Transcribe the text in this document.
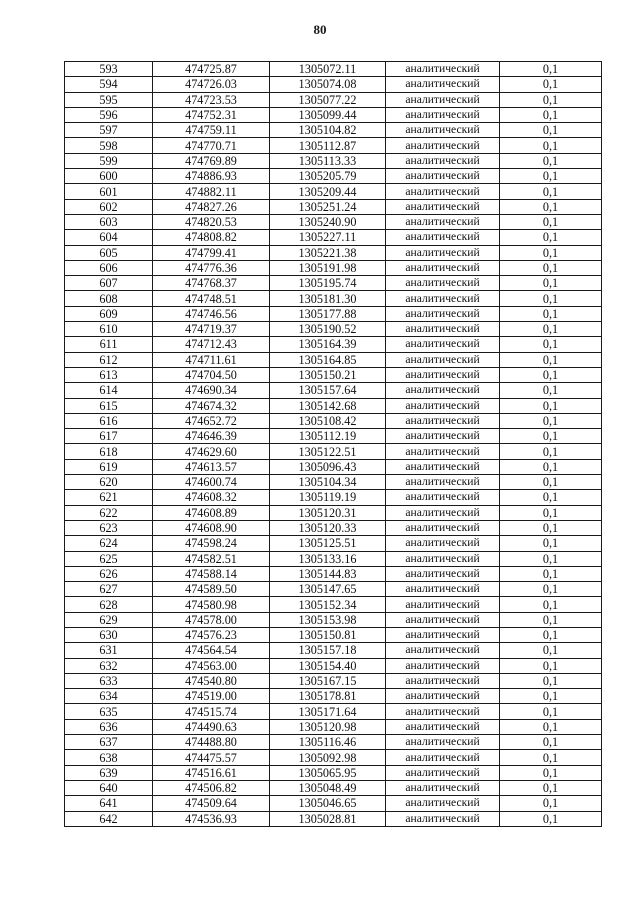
80
593	474725.87	1305072.11	аналитический	0,1
594	474726.03	1305074.08	аналитический	0,1
595	474723.53	1305077.22	аналитический	0,1
596	474752.31	1305099.44	аналитический	0,1
597	474759.11	1305104.82	аналитический	0,1
598	474770.71	1305112.87	аналитический	0,1
599	474769.89	1305113.33	аналитический	0,1
600	474886.93	1305205.79	аналитический	0,1
601	474882.11	1305209.44	аналитический	0,1
602	474827.26	1305251.24	аналитический	0,1
603	474820.53	1305240.90	аналитический	0,1
604	474808.82	1305227.11	аналитический	0,1
605	474799.41	1305221.38	аналитический	0,1
606	474776.36	1305191.98	аналитический	0,1
607	474768.37	1305195.74	аналитический	0,1
608	474748.51	1305181.30	аналитический	0,1
609	474746.56	1305177.88	аналитический	0,1
610	474719.37	1305190.52	аналитический	0,1
611	474712.43	1305164.39	аналитический	0,1
612	474711.61	1305164.85	аналитический	0,1
613	474704.50	1305150.21	аналитический	0,1
614	474690.34	1305157.64	аналитический	0,1
615	474674.32	1305142.68	аналитический	0,1
616	474652.72	1305108.42	аналитический	0,1
617	474646.39	1305112.19	аналитический	0,1
618	474629.60	1305122.51	аналитический	0,1
619	474613.57	1305096.43	аналитический	0,1
620	474600.74	1305104.34	аналитический	0,1
621	474608.32	1305119.19	аналитический	0,1
622	474608.89	1305120.31	аналитический	0,1
623	474608.90	1305120.33	аналитический	0,1
624	474598.24	1305125.51	аналитический	0,1
625	474582.51	1305133.16	аналитический	0,1
626	474588.14	1305144.83	аналитический	0,1
627	474589.50	1305147.65	аналитический	0,1
628	474580.98	1305152.34	аналитический	0,1
629	474578.00	1305153.98	аналитический	0,1
630	474576.23	1305150.81	аналитический	0,1
631	474564.54	1305157.18	аналитический	0,1
632	474563.00	1305154.40	аналитический	0,1
633	474540.80	1305167.15	аналитический	0,1
634	474519.00	1305178.81	аналитический	0,1
635	474515.74	1305171.64	аналитический	0,1
636	474490.63	1305120.98	аналитический	0,1
637	474488.80	1305116.46	аналитический	0,1
638	474475.57	1305092.98	аналитический	0,1
639	474516.61	1305065.95	аналитический	0,1
640	474506.82	1305048.49	аналитический	0,1
641	474509.64	1305046.65	аналитический	0,1
642	474536.93	1305028.81	аналитический	0,1
